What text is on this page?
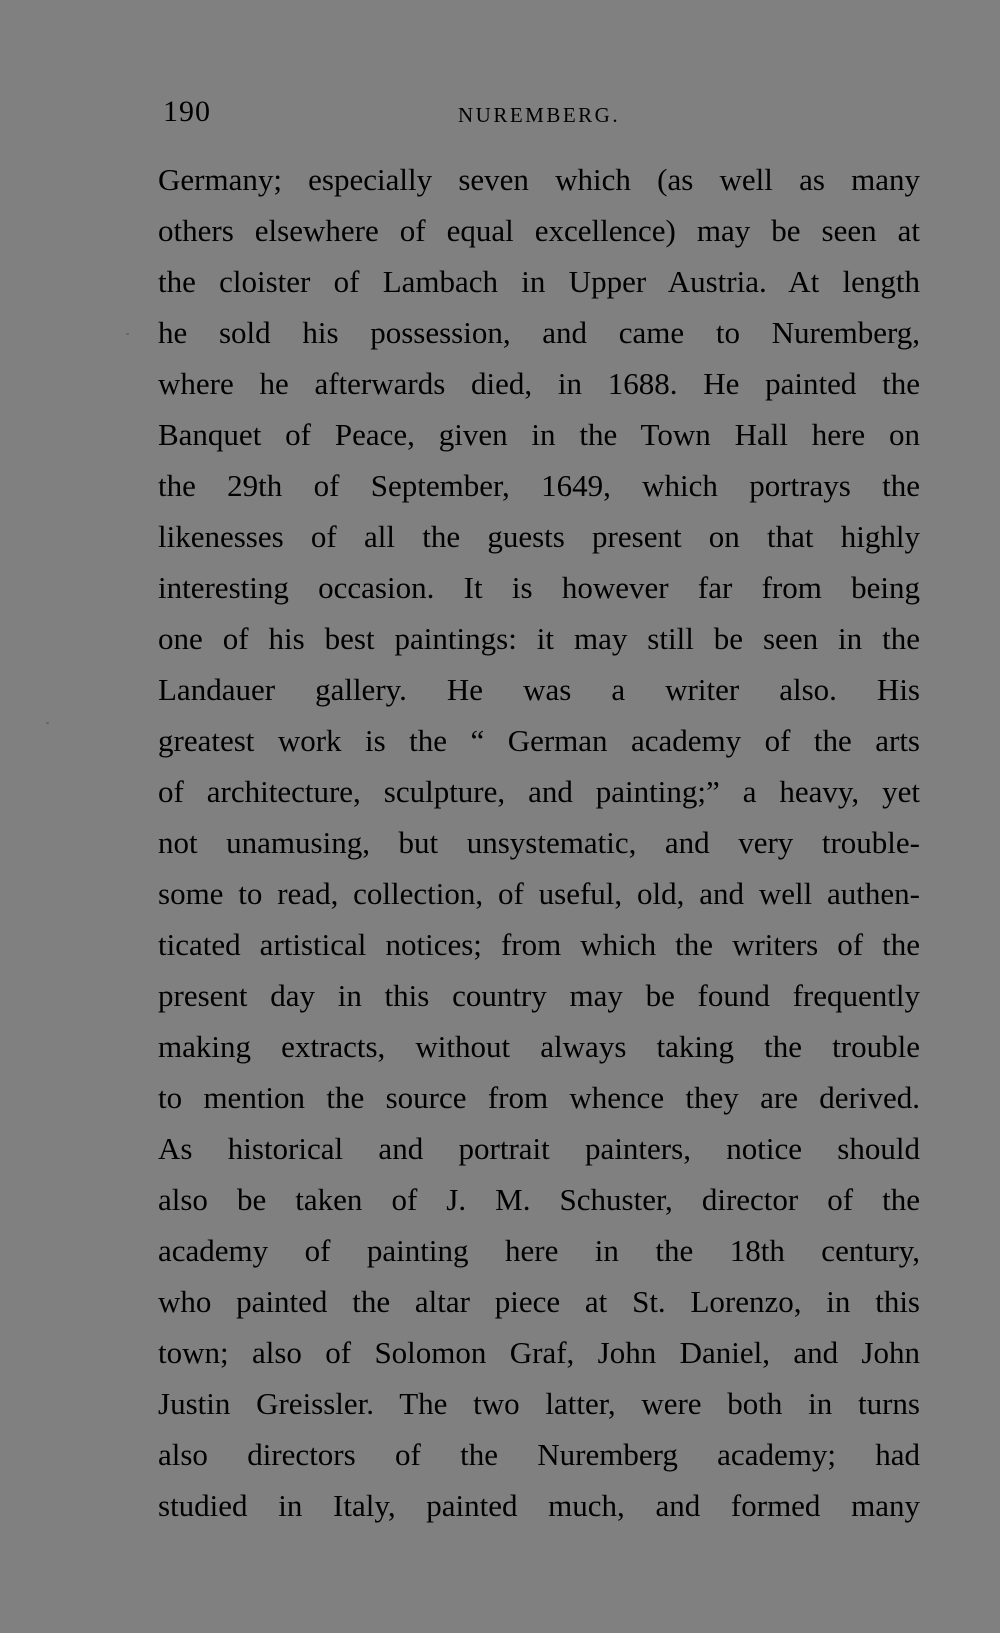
190	NUREMBERG.
Germany; especially seven which (as well as many
others elsewhere of equal excellence) may be seen at
the cloister of Lambach in Upper Austria. At length
he sold his possession, and came to Nuremberg,
where he afterwards died, in 1688. He painted the
Banquet of Peace, given in the Town Hall here on
the 29th of September, 1649, which portrays the
likenesses of all the guests present on that highly
interesting occasion. It is however far from being
one of his best paintings: it may still be seen in the
Landauer gallery. He was a writer also. His
greatest work is the “ German academy of the arts
of architecture, sculpture, and painting;” a heavy, yet
not unamusing, but unsystematic, and very trouble-
some to read, collection, of useful, old, and well authen-
ticated artistical notices; from which the writers of the
present day in this country may be found frequently
making extracts, without always taking the trouble
to mention the source from whence they are derived.
As historical and portrait painters, notice should
also be taken of J. M. Schuster, director of the
academy of painting here in the 18th century,
who painted the altar piece at St. Lorenzo, in this
town; also of Solomon Graf, John Daniel, and John
Justin Greissler. The two latter, were both in turns
also directors of the Nuremberg academy; had
studied in Italy, painted much, and formed many
